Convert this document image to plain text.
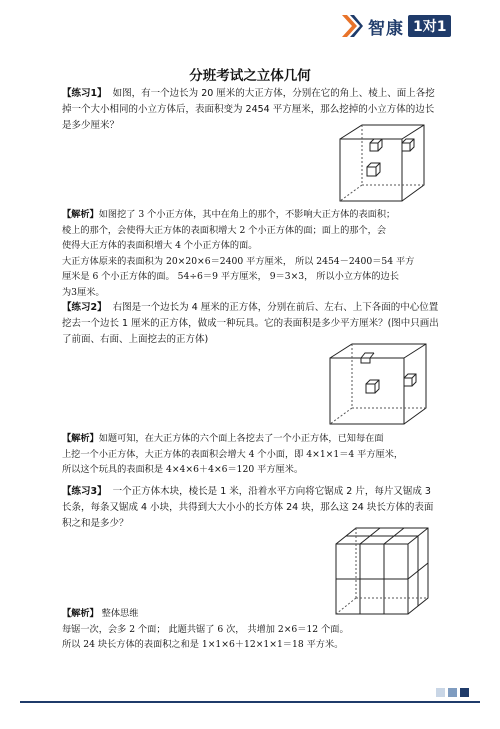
智康 1对1
分班考试之立体几何

【练习1】 如图，有一个边长为 20 厘米的大正方体，分别在它的角上、棱上、面上各挖掉一个大小相同的小立方体后，表面积变为 2454 平方厘米，那么挖掉的小立方体的边长是多少厘米？

【解析】如图挖了 3 个小正方体，其中在角上的那个，不影响大正方体的表面积；
棱上的那个，会使得大正方体的表面积增大 2 个小正方体的面；面上的那个，会
使得大正方体的表面积增大 4 个小正方体的面。
大正方体原来的表面积为 20×20×6＝2400 平方厘米， 所以 2454－2400＝54 平方
厘米是 6 个小正方体的面。 54÷6＝9 平方厘米， 9＝3×3， 所以小立方体的边长
为3厘米。

【练习2】 右图是一个边长为 4 厘米的正方体，分别在前后、左右、上下各面的中心位置挖去一个边长 1 厘米的正方体，做成一种玩具。它的表面积是多少平方厘米？(图中只画出了前面、右面、上面挖去的正方体)

【解析】如题可知，在大正方体的六个面上各挖去了一个小正方体，已知每在面
上挖一个小正方体，大正方体的表面积会增大 4 个小面，即 4×1×1＝4 平方厘米，
所以这个玩具的表面积是 4×4×6＋4×6＝120 平方厘米。

【练习3】 一个正方体木块，棱长是 1 米，沿着水平方向将它锯成 2 片，每片又锯成 3 长条，每条又锯成 4 小块，共得到大大小小的长方体 24 块，那么这 24 块长方体的表面积之和是多少？

【解析】 整体思维
每锯一次，会多 2 个面； 此题共锯了 6 次， 共增加 2×6＝12 个面。
所以 24 块长方体的表面积之和是 1×1×6＋12×1×1＝18 平方米。
